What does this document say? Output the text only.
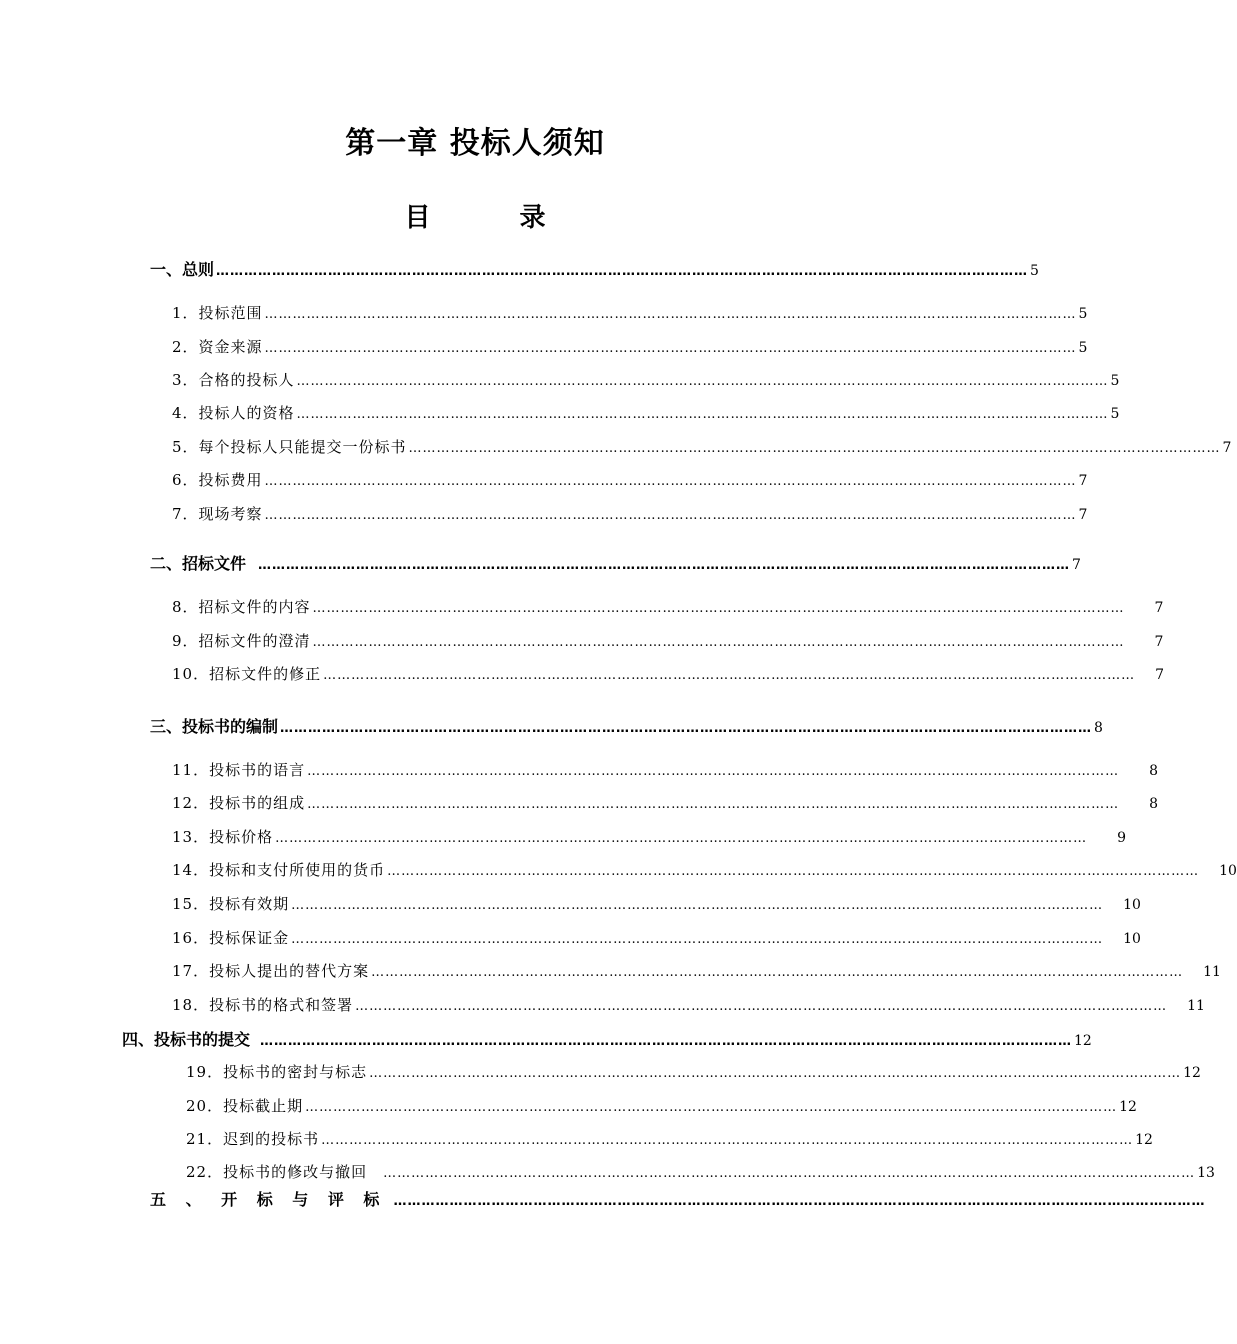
第一章 投标人须知
目 录
一、总则 ………………………………………………………………………………………………………………………………………………………… 5
1．投标范围 ………………………………………………………………………………………………………………………………………………………… 5
2．资金来源 ………………………………………………………………………………………………………………………………………………………… 5
3．合格的投标人 ………………………………………………………………………………………………………………………………………………………… 5
4．投标人的资格 ………………………………………………………………………………………………………………………………………………………… 5
5．每个投标人只能提交一份标书 ………………………………………………………………………………………………………………………………………………………… 7
6．投标费用 ………………………………………………………………………………………………………………………………………………………… 7
7．现场考察 ………………………………………………………………………………………………………………………………………………………… 7
二、招标文件 ………………………………………………………………………………………………………………………………………………………… 7
8．招标文件的内容 ………………………………………………………………………………………………………………………………………………………… 7
9．招标文件的澄清 ………………………………………………………………………………………………………………………………………………………… 7
10．招标文件的修正 ………………………………………………………………………………………………………………………………………………………… 7
三、投标书的编制 ………………………………………………………………………………………………………………………………………………………… 8
11．投标书的语言 ………………………………………………………………………………………………………………………………………………………… 8
12．投标书的组成 ………………………………………………………………………………………………………………………………………………………… 8
13．投标价格 ………………………………………………………………………………………………………………………………………………………… 9
14．投标和支付所使用的货币 ………………………………………………………………………………………………………………………………………………………… 10
15．投标有效期 ………………………………………………………………………………………………………………………………………………………… 10
16．投标保证金 ………………………………………………………………………………………………………………………………………………………… 10
17．投标人提出的替代方案 ………………………………………………………………………………………………………………………………………………………… 11
18．投标书的格式和签署 ………………………………………………………………………………………………………………………………………………………… 11
四、投标书的提交 ………………………………………………………………………………………………………………………………………………………… 12
19．投标书的密封与标志 ………………………………………………………………………………………………………………………………………………………… 12
20．投标截止期 ………………………………………………………………………………………………………………………………………………………… 12
21．迟到的投标书 ………………………………………………………………………………………………………………………………………………………… 12
22．投标书的修改与撤回 ………………………………………………………………………………………………………………………………………………………… 13
五 、 开 标 与 评 标 …………………………………………………………………………………………………………………………………………………………
